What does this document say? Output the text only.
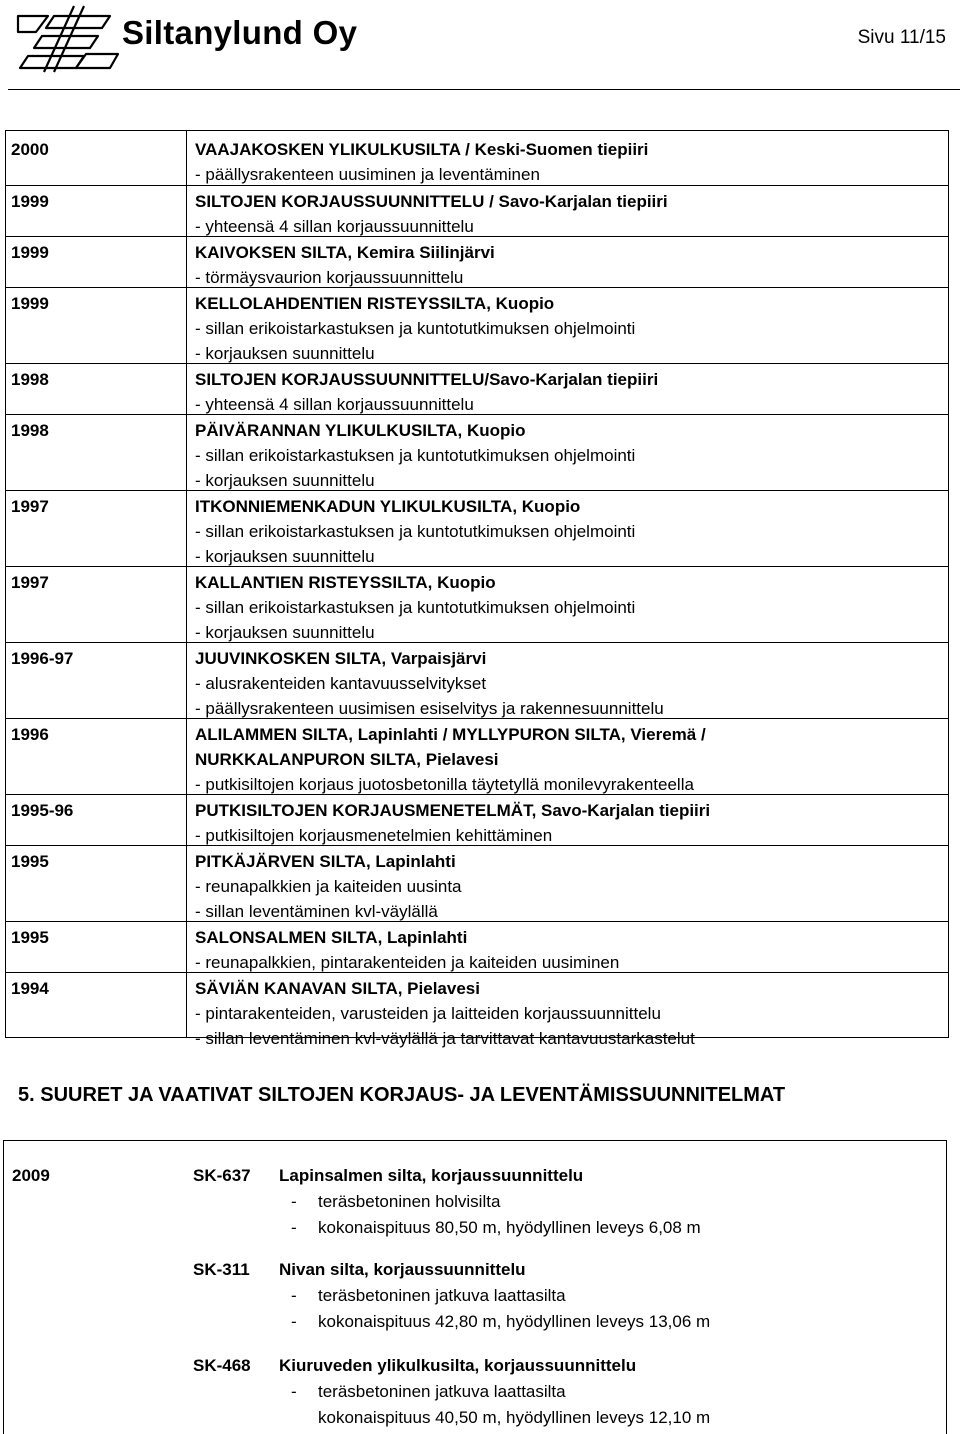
Siltanylund Oy	Sivu 11/15
2000	VAAJAKOSKEN YLIKULKUSILTA / Keski-Suomen tiepiiri
- päällysrakenteen uusiminen ja leventäminen
1999	SILTOJEN KORJAUSSUUNNITTELU / Savo-Karjalan tiepiiri
- yhteensä 4 sillan korjaussuunnittelu
1999	KAIVOKSEN SILTA, Kemira Siilinjärvi
- törmäysvaurion korjaussuunnittelu
1999	KELLOLAHDENTIEN RISTEYSSILTA, Kuopio
- sillan erikoistarkastuksen ja kuntotutkimuksen ohjelmointi
- korjauksen suunnittelu
1998	SILTOJEN KORJAUSSUUNNITTELU/Savo-Karjalan tiepiiri
- yhteensä 4 sillan korjaussuunnittelu
1998	PÄIVÄRANNAN YLIKULKUSILTA, Kuopio
- sillan erikoistarkastuksen ja kuntotutkimuksen ohjelmointi
- korjauksen suunnittelu
1997	ITKONNIEMENKADUN YLIKULKUSILTA, Kuopio
- sillan erikoistarkastuksen ja kuntotutkimuksen ohjelmointi
- korjauksen suunnittelu
1997	KALLANTIEN RISTEYSSILTA, Kuopio
- sillan erikoistarkastuksen ja kuntotutkimuksen ohjelmointi
- korjauksen suunnittelu
1996-97	JUUVINKOSKEN SILTA, Varpaisjärvi
- alusrakenteiden kantavuusselvitykset
- päällysrakenteen uusimisen esiselvitys ja rakennesuunnittelu
1996	ALILAMMEN SILTA, Lapinlahti / MYLLYPURON SILTA, Vieremä /
NURKKALANPURON SILTA, Pielavesi
- putkisiltojen korjaus juotosbetonilla täytetyllä monilevyrakenteella
1995-96	PUTKISILTOJEN KORJAUSMENETELMÄT, Savo-Karjalan tiepiiri
- putkisiltojen korjausmenetelmien kehittäminen
1995	PITKÄJÄRVEN SILTA, Lapinlahti
- reunapalkkien ja kaiteiden uusinta
- sillan leventäminen kvl-väylällä
1995	SALONSALMEN SILTA, Lapinlahti
- reunapalkkien, pintarakenteiden ja kaiteiden uusiminen
1994	SÄVIÄN KANAVAN SILTA, Pielavesi
- pintarakenteiden, varusteiden ja laitteiden korjaussuunnittelu
- sillan leventäminen kvl-väylällä ja tarvittavat kantavuustarkastelut
5. SUURET JA VAATIVAT SILTOJEN KORJAUS- JA LEVENTÄMISSUUNNITELMAT
2009	SK-637 Lapinsalmen silta, korjaussuunnittelu
- teräsbetoninen holvisilta
- kokonaispituus 80,50 m, hyödyllinen leveys 6,08 m
SK-311 Nivan silta, korjaussuunnittelu
- teräsbetoninen jatkuva laattasilta
- kokonaispituus 42,80 m, hyödyllinen leveys 13,06 m
SK-468 Kiuruveden ylikulkusilta, korjaussuunnittelu
- teräsbetoninen jatkuva laattasilta
kokonaispituus 40,50 m, hyödyllinen leveys 12,10 m
